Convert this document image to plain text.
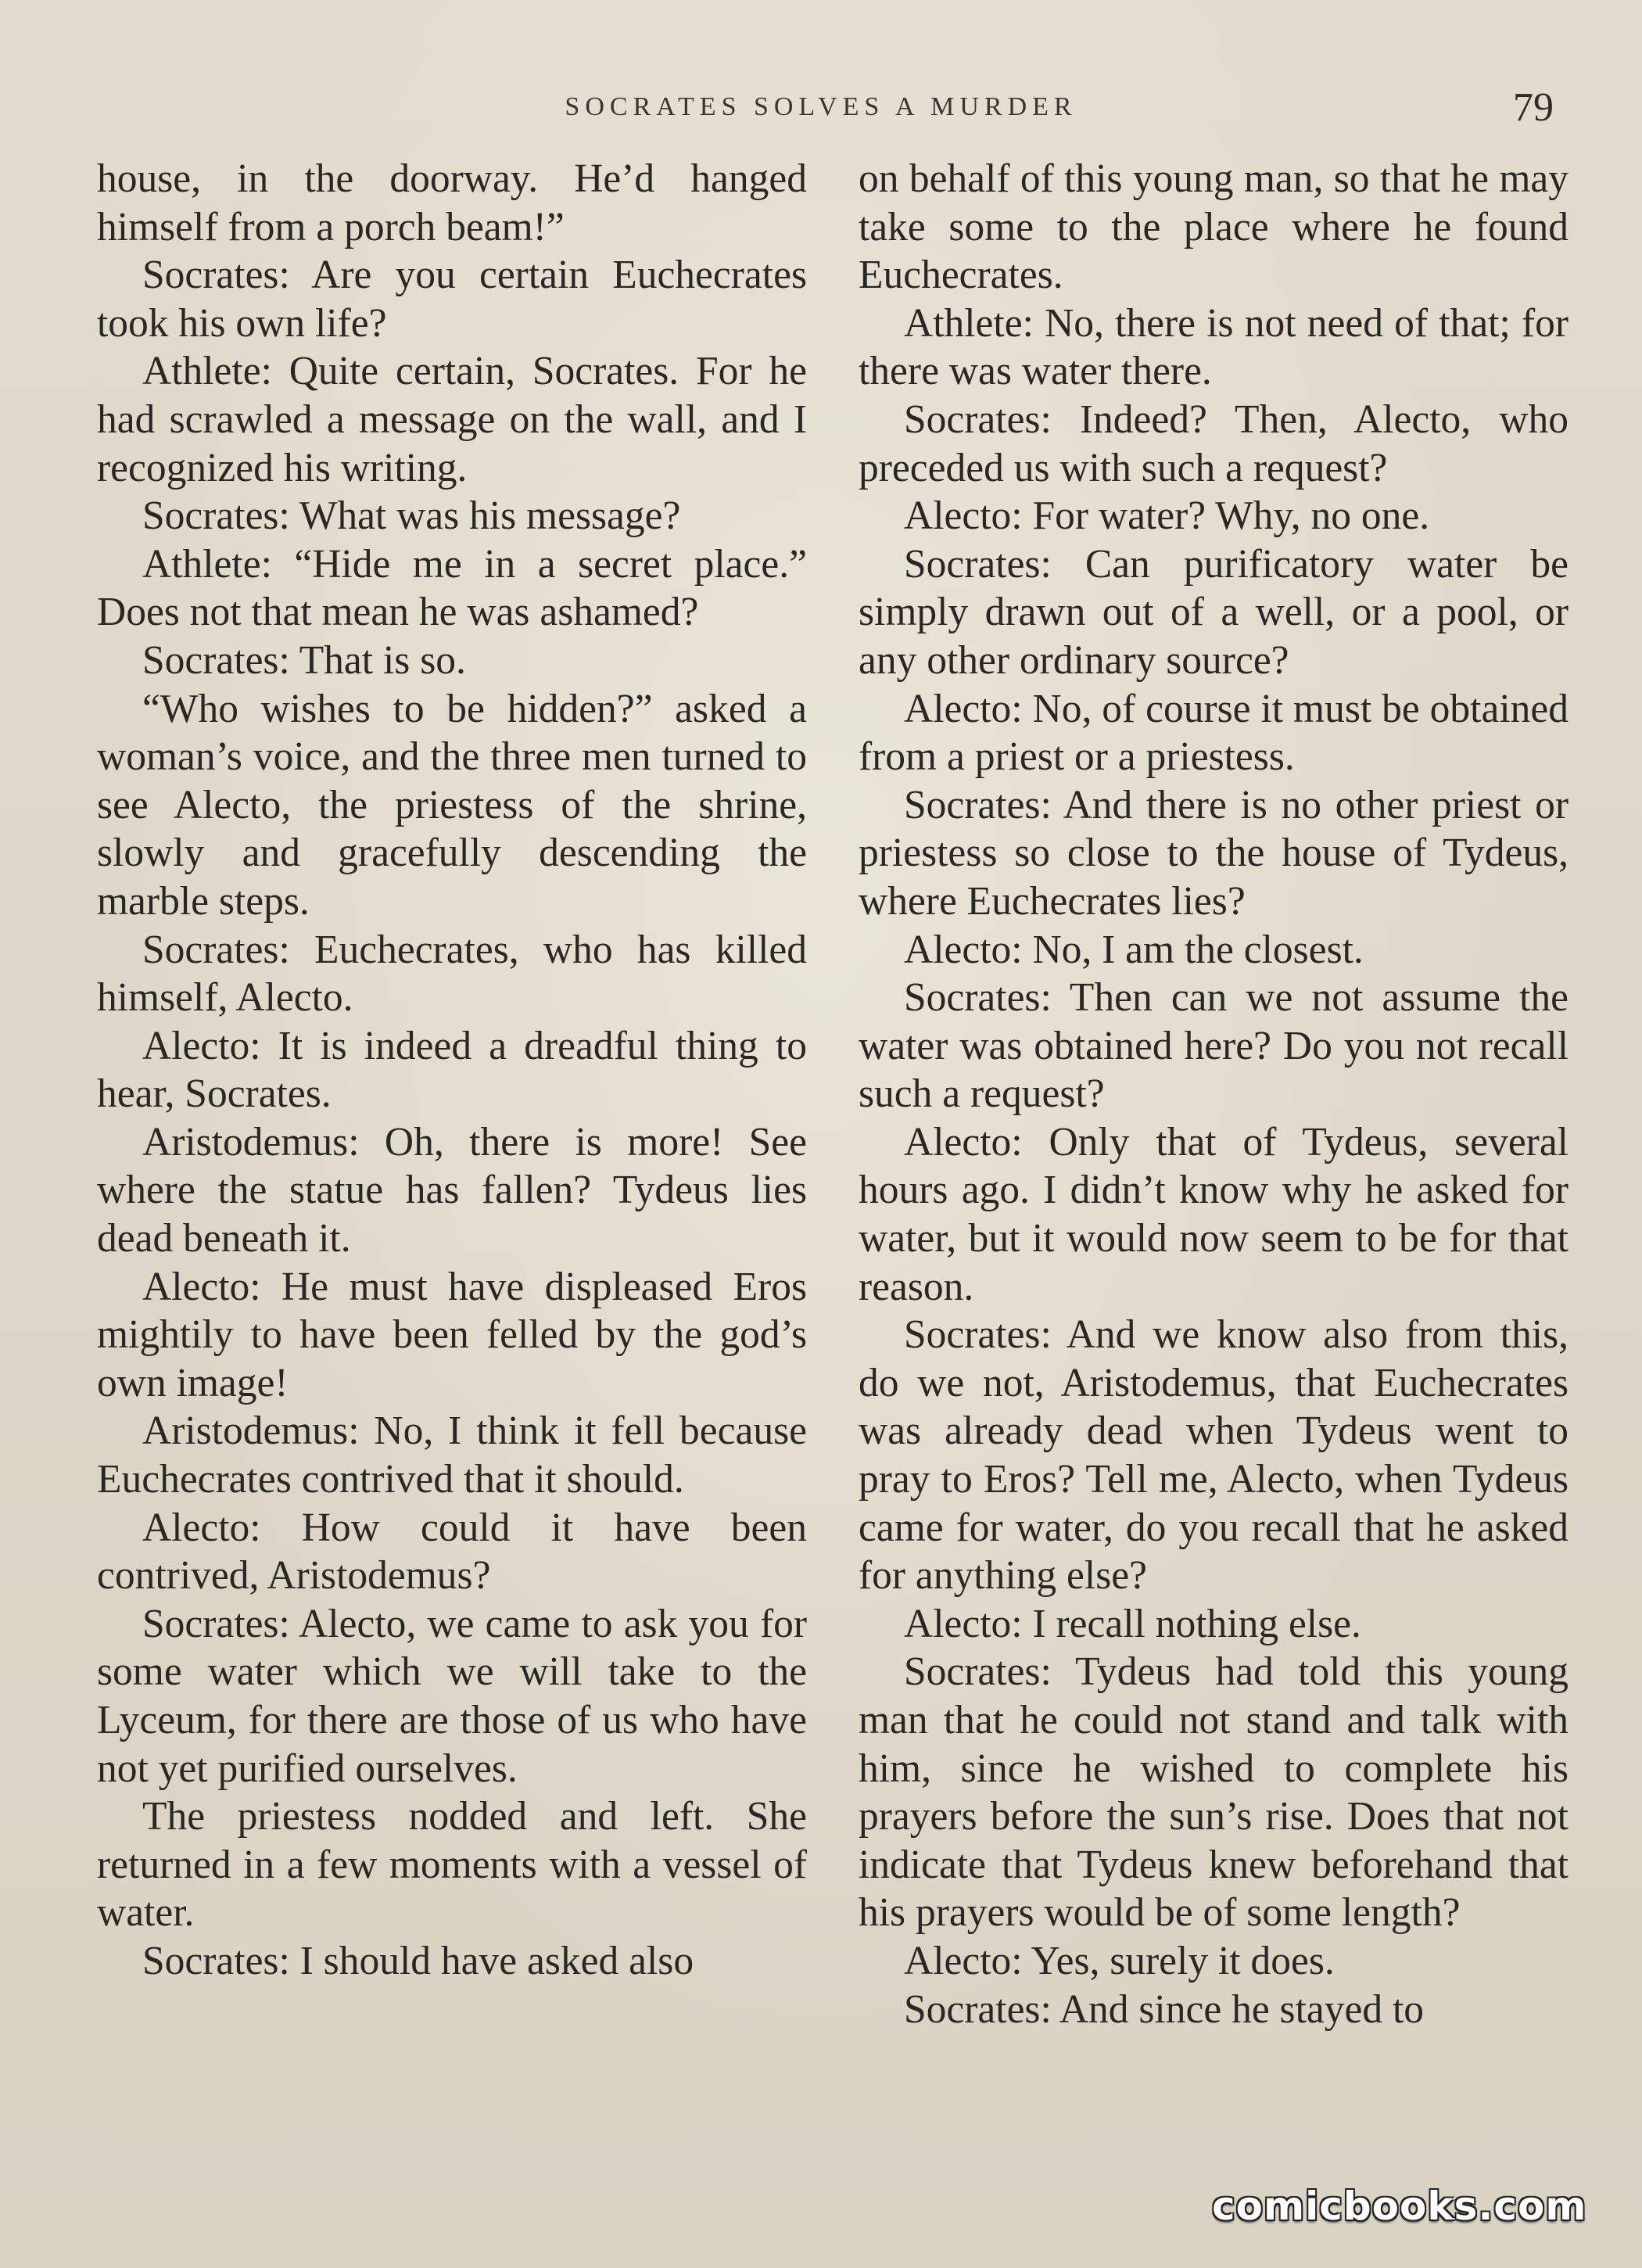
SOCRATES SOLVES A MURDER	79

house, in the doorway. He’d hanged himself from a porch beam!”

Socrates: Are you certain Euchecrates took his own life?

Athlete: Quite certain, Socrates. For he had scrawled a message on the wall, and I recognized his writing.

Socrates: What was his message?

Athlete: “Hide me in a secret place.” Does not that mean he was ashamed?

Socrates: That is so.

“Who wishes to be hidden?” asked a woman’s voice, and the three men turned to see Alecto, the priestess of the shrine, slowly and gracefully descending the marble steps.

Socrates: Euchecrates, who has killed himself, Alecto.

Alecto: It is indeed a dreadful thing to hear, Socrates.

Aristodemus: Oh, there is more! See where the statue has fallen? Tydeus lies dead beneath it.

Alecto: He must have displeased Eros mightily to have been felled by the god’s own image!

Aristodemus: No, I think it fell because Euchecrates contrived that it should.

Alecto: How could it have been contrived, Aristodemus?

Socrates: Alecto, we came to ask you for some water which we will take to the Lyceum, for there are those of us who have not yet purified ourselves.

The priestess nodded and left. She returned in a few moments with a vessel of water.

Socrates: I should have asked also

on behalf of this young man, so that he may take some to the place where he found Euchecrates.

Athlete: No, there is not need of that; for there was water there.

Socrates: Indeed? Then, Alecto, who preceded us with such a request?

Alecto: For water? Why, no one.

Socrates: Can purificatory water be simply drawn out of a well, or a pool, or any other ordinary source?

Alecto: No, of course it must be obtained from a priest or a priestess.

Socrates: And there is no other priest or priestess so close to the house of Tydeus, where Euchecrates lies?

Alecto: No, I am the closest.

Socrates: Then can we not assume the water was obtained here? Do you not recall such a request?

Alecto: Only that of Tydeus, several hours ago. I didn’t know why he asked for water, but it would now seem to be for that reason.

Socrates: And we know also from this, do we not, Aristodemus, that Euchecrates was already dead when Tydeus went to pray to Eros? Tell me, Alecto, when Tydeus came for water, do you recall that he asked for anything else?

Alecto: I recall nothing else.

Socrates: Tydeus had told this young man that he could not stand and talk with him, since he wished to complete his prayers before the sun’s rise. Does that not indicate that Tydeus knew beforehand that his prayers would be of some length?

Alecto: Yes, surely it does.

Socrates: And since he stayed to

comicbooks.com
